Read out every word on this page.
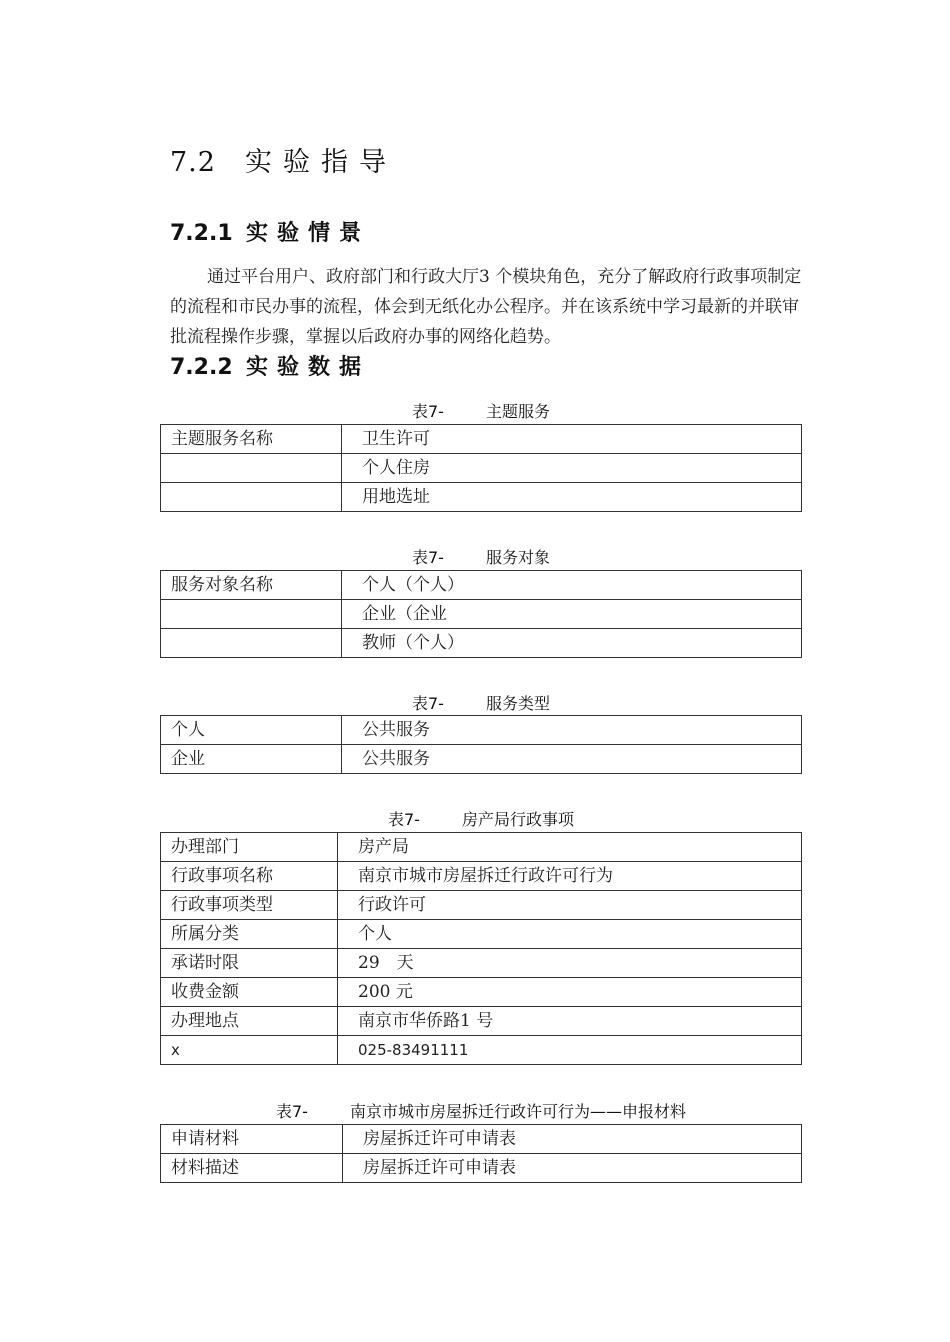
7.2 实验指导
7.2.1 实验情景

通过平台用户、政府部门和行政大厅3 个模块角色，充分了解政府行政事项制定的流程和市民办事的流程，体会到无纸化办公程序。并在该系统中学习最新的并联审批流程操作步骤，掌握以后政府办事的网络化趋势。

7.2.2 实验数据
表7-	主题服务
主题服务名称	卫生许可
	个人住房
	用地选址
表7-	服务对象
服务对象名称	个人（个人）
	企业（企业
	教师（个人）
表7-	服务类型
个人	公共服务
企业	公共服务
表7-	房产局行政事项
办理部门	房产局
行政事项名称	南京市城市房屋拆迁行政许可行为
行政事项类型	行政许可
所属分类	个人
承诺时限	29　天
收费金额	200 元
办理地点	南京市华侨路1 号
x	025-83491111
表7-	南京市城市房屋拆迁行政许可行为——申报材料
申请材料	房屋拆迁许可申请表
材料描述	房屋拆迁许可申请表
